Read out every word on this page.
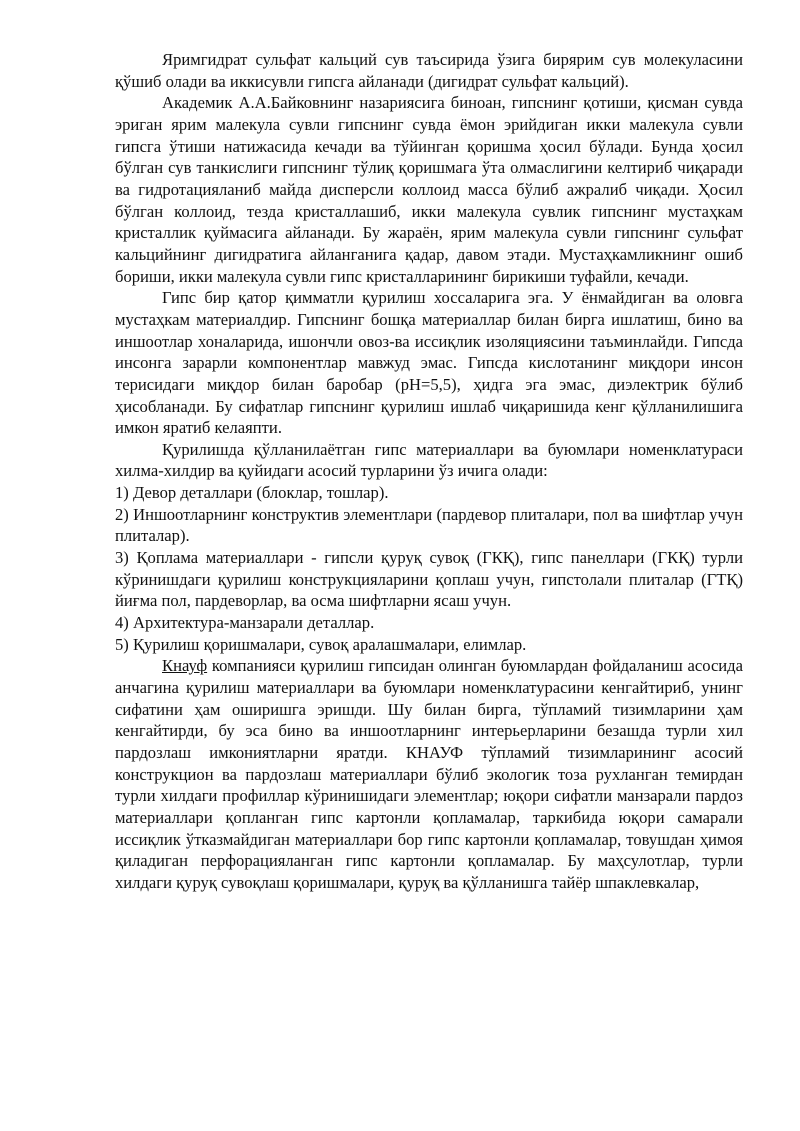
Яримгидрат сульфат кальций сув таъсирида ўзига бирярим сув молекуласини қўшиб олади ва иккисувли гипсга айланади (дигидрат сульфат кальций).

Академик А.А.Байковнинг назариясига биноан, гипснинг қотиши, қисман сувда эриган ярим малекула сувли гипснинг сувда ёмон эрийдиган икки малекула сувли гипсга ўтиши натижасида кечади ва тўйинган қоришма ҳосил бўлади. Бунда ҳосил бўлган сув танкислиги гипснинг тўлиқ қоришмага ўта олмаслигини келтириб чиқаради ва гидротацияланиб майда дисперсли коллоид масса бўлиб ажралиб чиқади. Ҳосил бўлган коллоид, тезда кристаллашиб, икки малекула сувлик гипснинг мустаҳкам кристаллик қуймасига айланади. Бу жараён, ярим малекула сувли гипснинг сульфат кальцийнинг дигидратига айланганига қадар, давом этади. Мустаҳкамликнинг ошиб бориши, икки малекула сувли гипс кристалларининг бирикиши туфайли, кечади.

Гипс бир қатор қимматли қурилиш хоссаларига эга. У ёнмайдиган ва оловга мустаҳкам материалдир. Гипснинг бошқа материаллар билан бирга ишлатиш, бино ва иншоотлар хоналарида, ишончли овоз-ва иссиқлик изоляциясини таъминлайди. Гипсда инсонга зарарли компонентлар мавжуд эмас. Гипсда кислотанинг миқдори инсон терисидаги миқдор билан баробар (pH=5,5), ҳидга эга эмас, диэлектрик бўлиб ҳисобланади. Бу сифатлар гипснинг қурилиш ишлаб чиқаришида кенг қўлланилишига имкон яратиб келаяпти.

Қурилишда қўлланилаётган гипс материаллари ва буюмлари номенклатураси хилма-хилдир ва қуйидаги асосий турларини ўз ичига олади:

1) Девор деталлари (блоклар, тошлар).

2) Иншоотларнинг конструктив элементлари (пардевор плиталари, пол ва шифтлар учун плиталар).

3) Қоплама материаллари - гипсли қуруқ сувоқ (ГКҚ), гипс панеллари (ГКҚ) турли кўринишдаги қурилиш конструкцияларини қоплаш учун, гипстолали плиталар (ГТҚ) йиғма пол, пардеворлар, ва осма шифтларни ясаш учун.

4) Архитектура-манзарали деталлар.

5) Қурилиш қоришмалари, сувоқ аралашмалари, елимлар.

Кнауф компанияси қурилиш гипсидан олинган буюмлардан фойдаланиш асосида анчагина қурилиш материаллари ва буюмлари номенклатурасини кенгайтириб, унинг сифатини ҳам оширишга эришди. Шу билан бирга, тўпламий тизимларини ҳам кенгайтирди, бу эса бино ва иншоотларнинг интерьерларини безашда турли хил пардозлаш имкониятларни яратди. КНАУФ тўпламий тизимларининг асосий конструкцион ва пардозлаш материаллари бўлиб экологик тоза рухланган темирдан турли хилдаги профиллар кўринишидаги элементлар; юқори сифатли манзарали пардоз материаллари қопланган гипс картонли қопламалар, таркибида юқори самарали иссиқлик ўтказмайдиган материаллари бор гипс картонли қопламалар, товушдан ҳимоя қиладиган перфорацияланган гипс картонли қопламалар. Бу маҳсулотлар, турли хилдаги қуруқ сувоқлаш қоришмалари, қуруқ ва қўлланишга тайёр шпаклевкалар,
